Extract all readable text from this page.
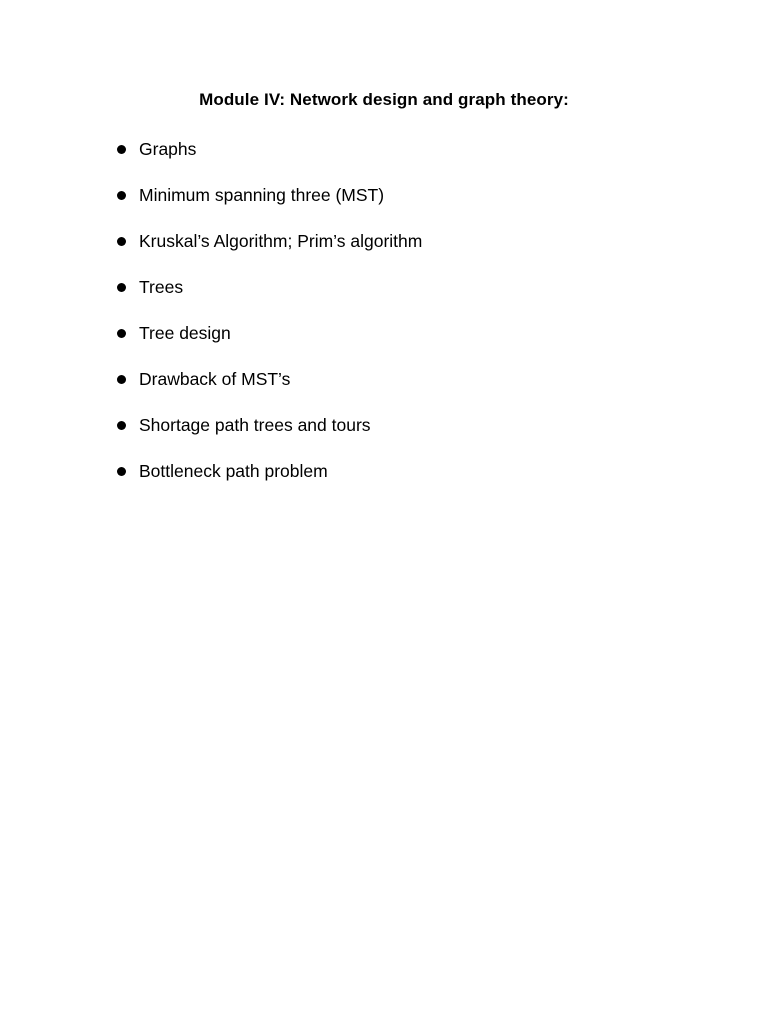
Module IV: Network design and graph theory:
Graphs
Minimum spanning three (MST)
Kruskal’s Algorithm; Prim’s algorithm
Trees
Tree design
Drawback of MST’s
Shortage path trees and tours
Bottleneck path problem
